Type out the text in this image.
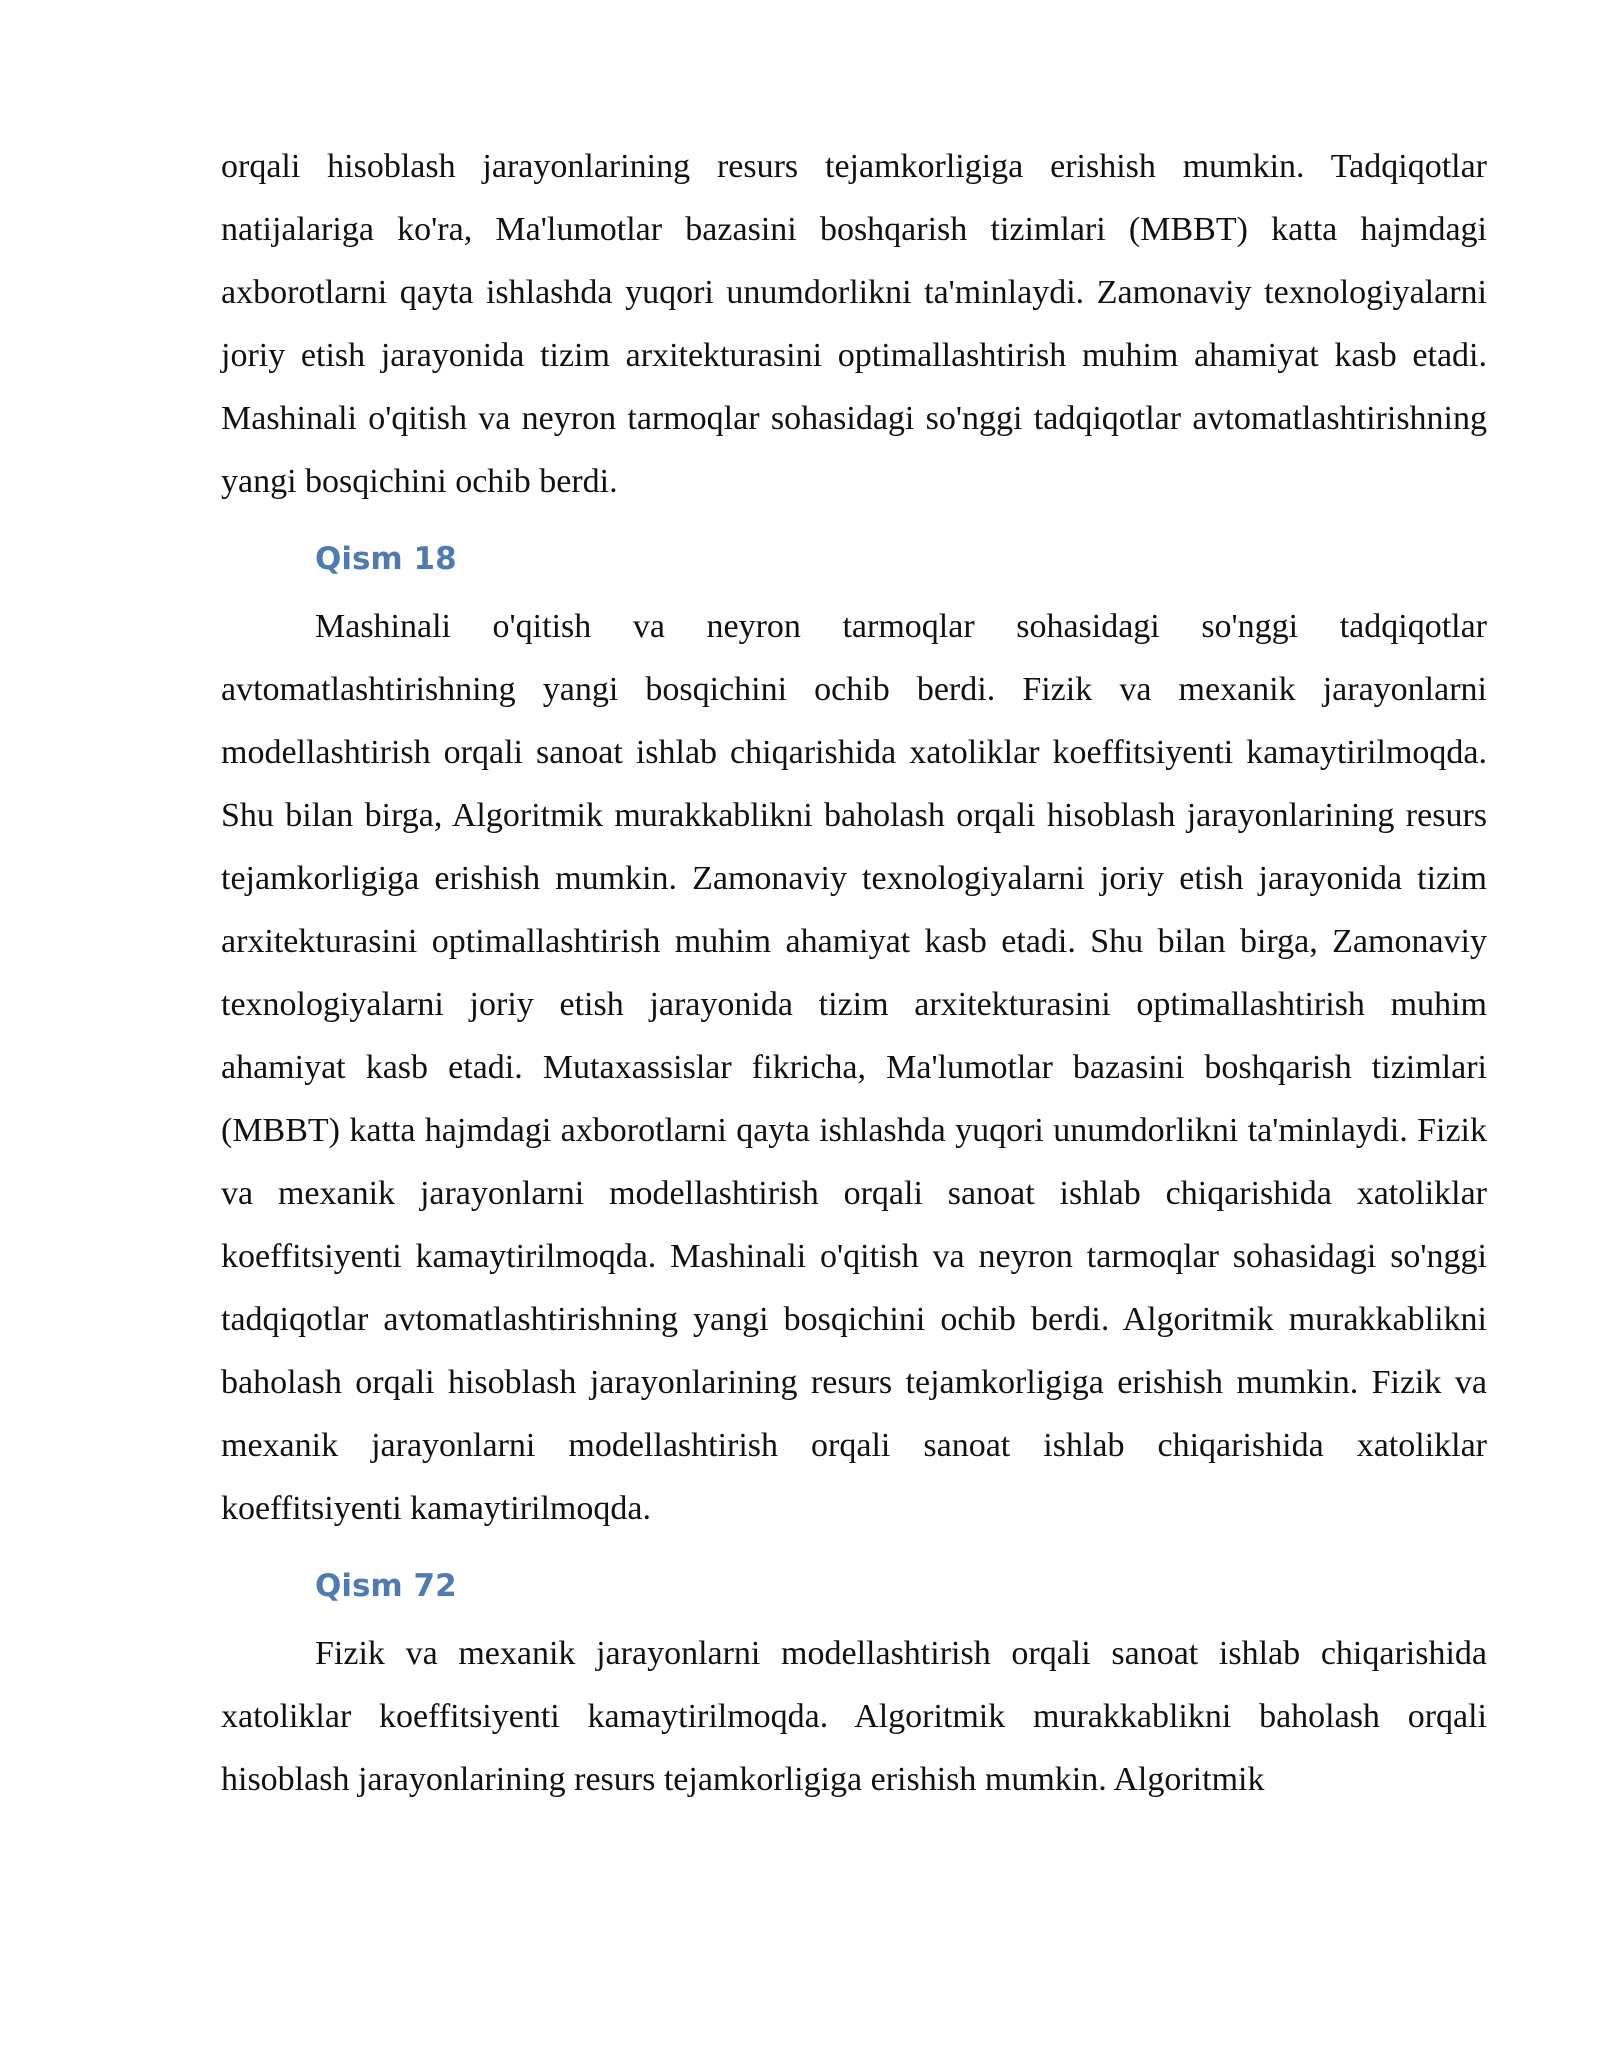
orqali hisoblash jarayonlarining resurs tejamkorligiga erishish mumkin. Tadqiqotlar natijalariga ko'ra, Ma'lumotlar bazasini boshqarish tizimlari (MBBT) katta hajmdagi axborotlarni qayta ishlashda yuqori unumdorlikni ta'minlaydi. Zamonaviy texnologiyalarni joriy etish jarayonida tizim arxitekturasini optimallashtirish muhim ahamiyat kasb etadi. Mashinali o'qitish va neyron tarmoqlar sohasidagi so'nggi tadqiqotlar avtomatlashtirishning yangi bosqichini ochib berdi.

Qism 18

Mashinali o'qitish va neyron tarmoqlar sohasidagi so'nggi tadqiqotlar avtomatlashtirishning yangi bosqichini ochib berdi. Fizik va mexanik jarayonlarni modellashtirish orqali sanoat ishlab chiqarishida xatoliklar koeffitsiyenti kamaytirilmoqda. Shu bilan birga, Algoritmik murakkablikni baholash orqali hisoblash jarayonlarining resurs tejamkorligiga erishish mumkin. Zamonaviy texnologiyalarni joriy etish jarayonida tizim arxitekturasini optimallashtirish muhim ahamiyat kasb etadi. Shu bilan birga, Zamonaviy texnologiyalarni joriy etish jarayonida tizim arxitekturasini optimallashtirish muhim ahamiyat kasb etadi. Mutaxassislar fikricha, Ma'lumotlar bazasini boshqarish tizimlari (MBBT) katta hajmdagi axborotlarni qayta ishlashda yuqori unumdorlikni ta'minlaydi. Fizik va mexanik jarayonlarni modellashtirish orqali sanoat ishlab chiqarishida xatoliklar koeffitsiyenti kamaytirilmoqda. Mashinali o'qitish va neyron tarmoqlar sohasidagi so'nggi tadqiqotlar avtomatlashtirishning yangi bosqichini ochib berdi. Algoritmik murakkablikni baholash orqali hisoblash jarayonlarining resurs tejamkorligiga erishish mumkin. Fizik va mexanik jarayonlarni modellashtirish orqali sanoat ishlab chiqarishida xatoliklar koeffitsiyenti kamaytirilmoqda.

Qism 72

Fizik va mexanik jarayonlarni modellashtirish orqali sanoat ishlab chiqarishida xatoliklar koeffitsiyenti kamaytirilmoqda. Algoritmik murakkablikni baholash orqali hisoblash jarayonlarining resurs tejamkorligiga erishish mumkin. Algoritmik
